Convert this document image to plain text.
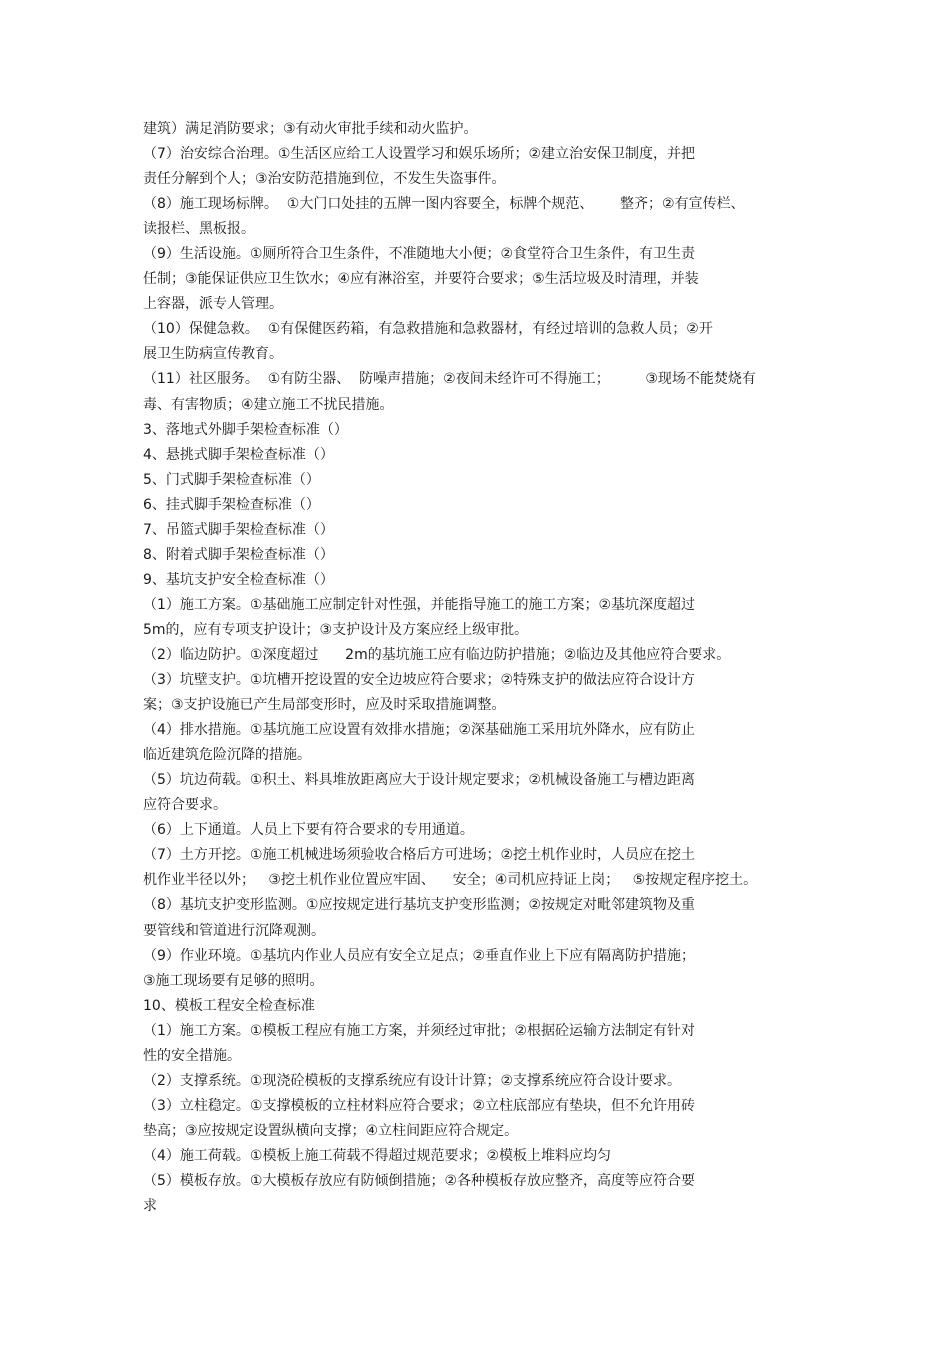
建筑）满足消防要求；③有动火审批手续和动火监护。
（7）治安综合治理。①生活区应给工人设置学习和娱乐场所；②建立治安保卫制度，并把
责任分解到个人；③治安防范措施到位，不发生失盗事件。
（8）施工现场标牌。  ①大门口处挂的五牌一图内容要全，标牌个规范、      整齐；②有宣传栏、
读报栏、黑板报。
（9）生活设施。①厕所符合卫生条件，不准随地大小便；②食堂符合卫生条件，有卫生责
任制；③能保证供应卫生饮水；④应有淋浴室，并要符合要求；⑤生活垃圾及时清理，并装
上容器，派专人管理。
（10）保健急救。  ①有保健医药箱，有急救措施和急救器材，有经过培训的急救人员；②开
展卫生防病宣传教育。
（11）社区服务。  ①有防尘器、  防噪声措施；②夜间未经许可不得施工；        ③现场不能焚烧有
毒、有害物质；④建立施工不扰民措施。
3、落地式外脚手架检查标准（）
4、悬挑式脚手架检查标准（）
5、门式脚手架检查标准（）
6、挂式脚手架检查标准（）
7、吊篮式脚手架检查标准（）
8、附着式脚手架检查标准（）
9、基坑支护安全检查标准（）
（1）施工方案。①基础施工应制定针对性强，并能指导施工的施工方案；②基坑深度超过
5m的，应有专项支护设计；③支护设计及方案应经上级审批。
（2）临边防护。①深度超过      2m的基坑施工应有临边防护措施；②临边及其他应符合要求。
（3）坑壁支护。①坑槽开挖设置的安全边坡应符合要求；②特殊支护的做法应符合设计方
案；③支护设施已产生局部变形时，应及时采取措施调整。
（4）排水措施。①基坑施工应设置有效排水措施；②深基础施工采用坑外降水，应有防止
临近建筑危险沉降的措施。
（5）坑边荷载。①积土、料具堆放距离应大于设计规定要求；②机械设备施工与槽边距离
应符合要求。
（6）上下通道。人员上下要有符合要求的专用通道。
（7）土方开挖。①施工机械进场须验收合格后方可进场；②挖土机作业时，人员应在挖土
机作业半径以外；   ③挖土机作业位置应牢固、    安全；④司机应持证上岗；   ⑤按规定程序挖土。
（8）基坑支护变形监测。①应按规定进行基坑支护变形监测；②按规定对毗邻建筑物及重
要管线和管道进行沉降观测。
（9）作业环境。①基坑内作业人员应有安全立足点；②垂直作业上下应有隔离防护措施；
③施工现场要有足够的照明。
10、模板工程安全检查标准
（1）施工方案。①模板工程应有施工方案，并须经过审批；②根据砼运输方法制定有针对
性的安全措施。
（2）支撑系统。①现浇砼模板的支撑系统应有设计计算；②支撑系统应符合设计要求。
（3）立柱稳定。①支撑模板的立柱材料应符合要求；②立柱底部应有垫块，但不允许用砖
垫高；③应按规定设置纵横向支撑；④立柱间距应符合规定。
（4）施工荷载。①模板上施工荷载不得超过规范要求；②模板上堆料应均匀
（5）模板存放。①大模板存放应有防倾倒措施；②各种模板存放应整齐，高度等应符合要
求
